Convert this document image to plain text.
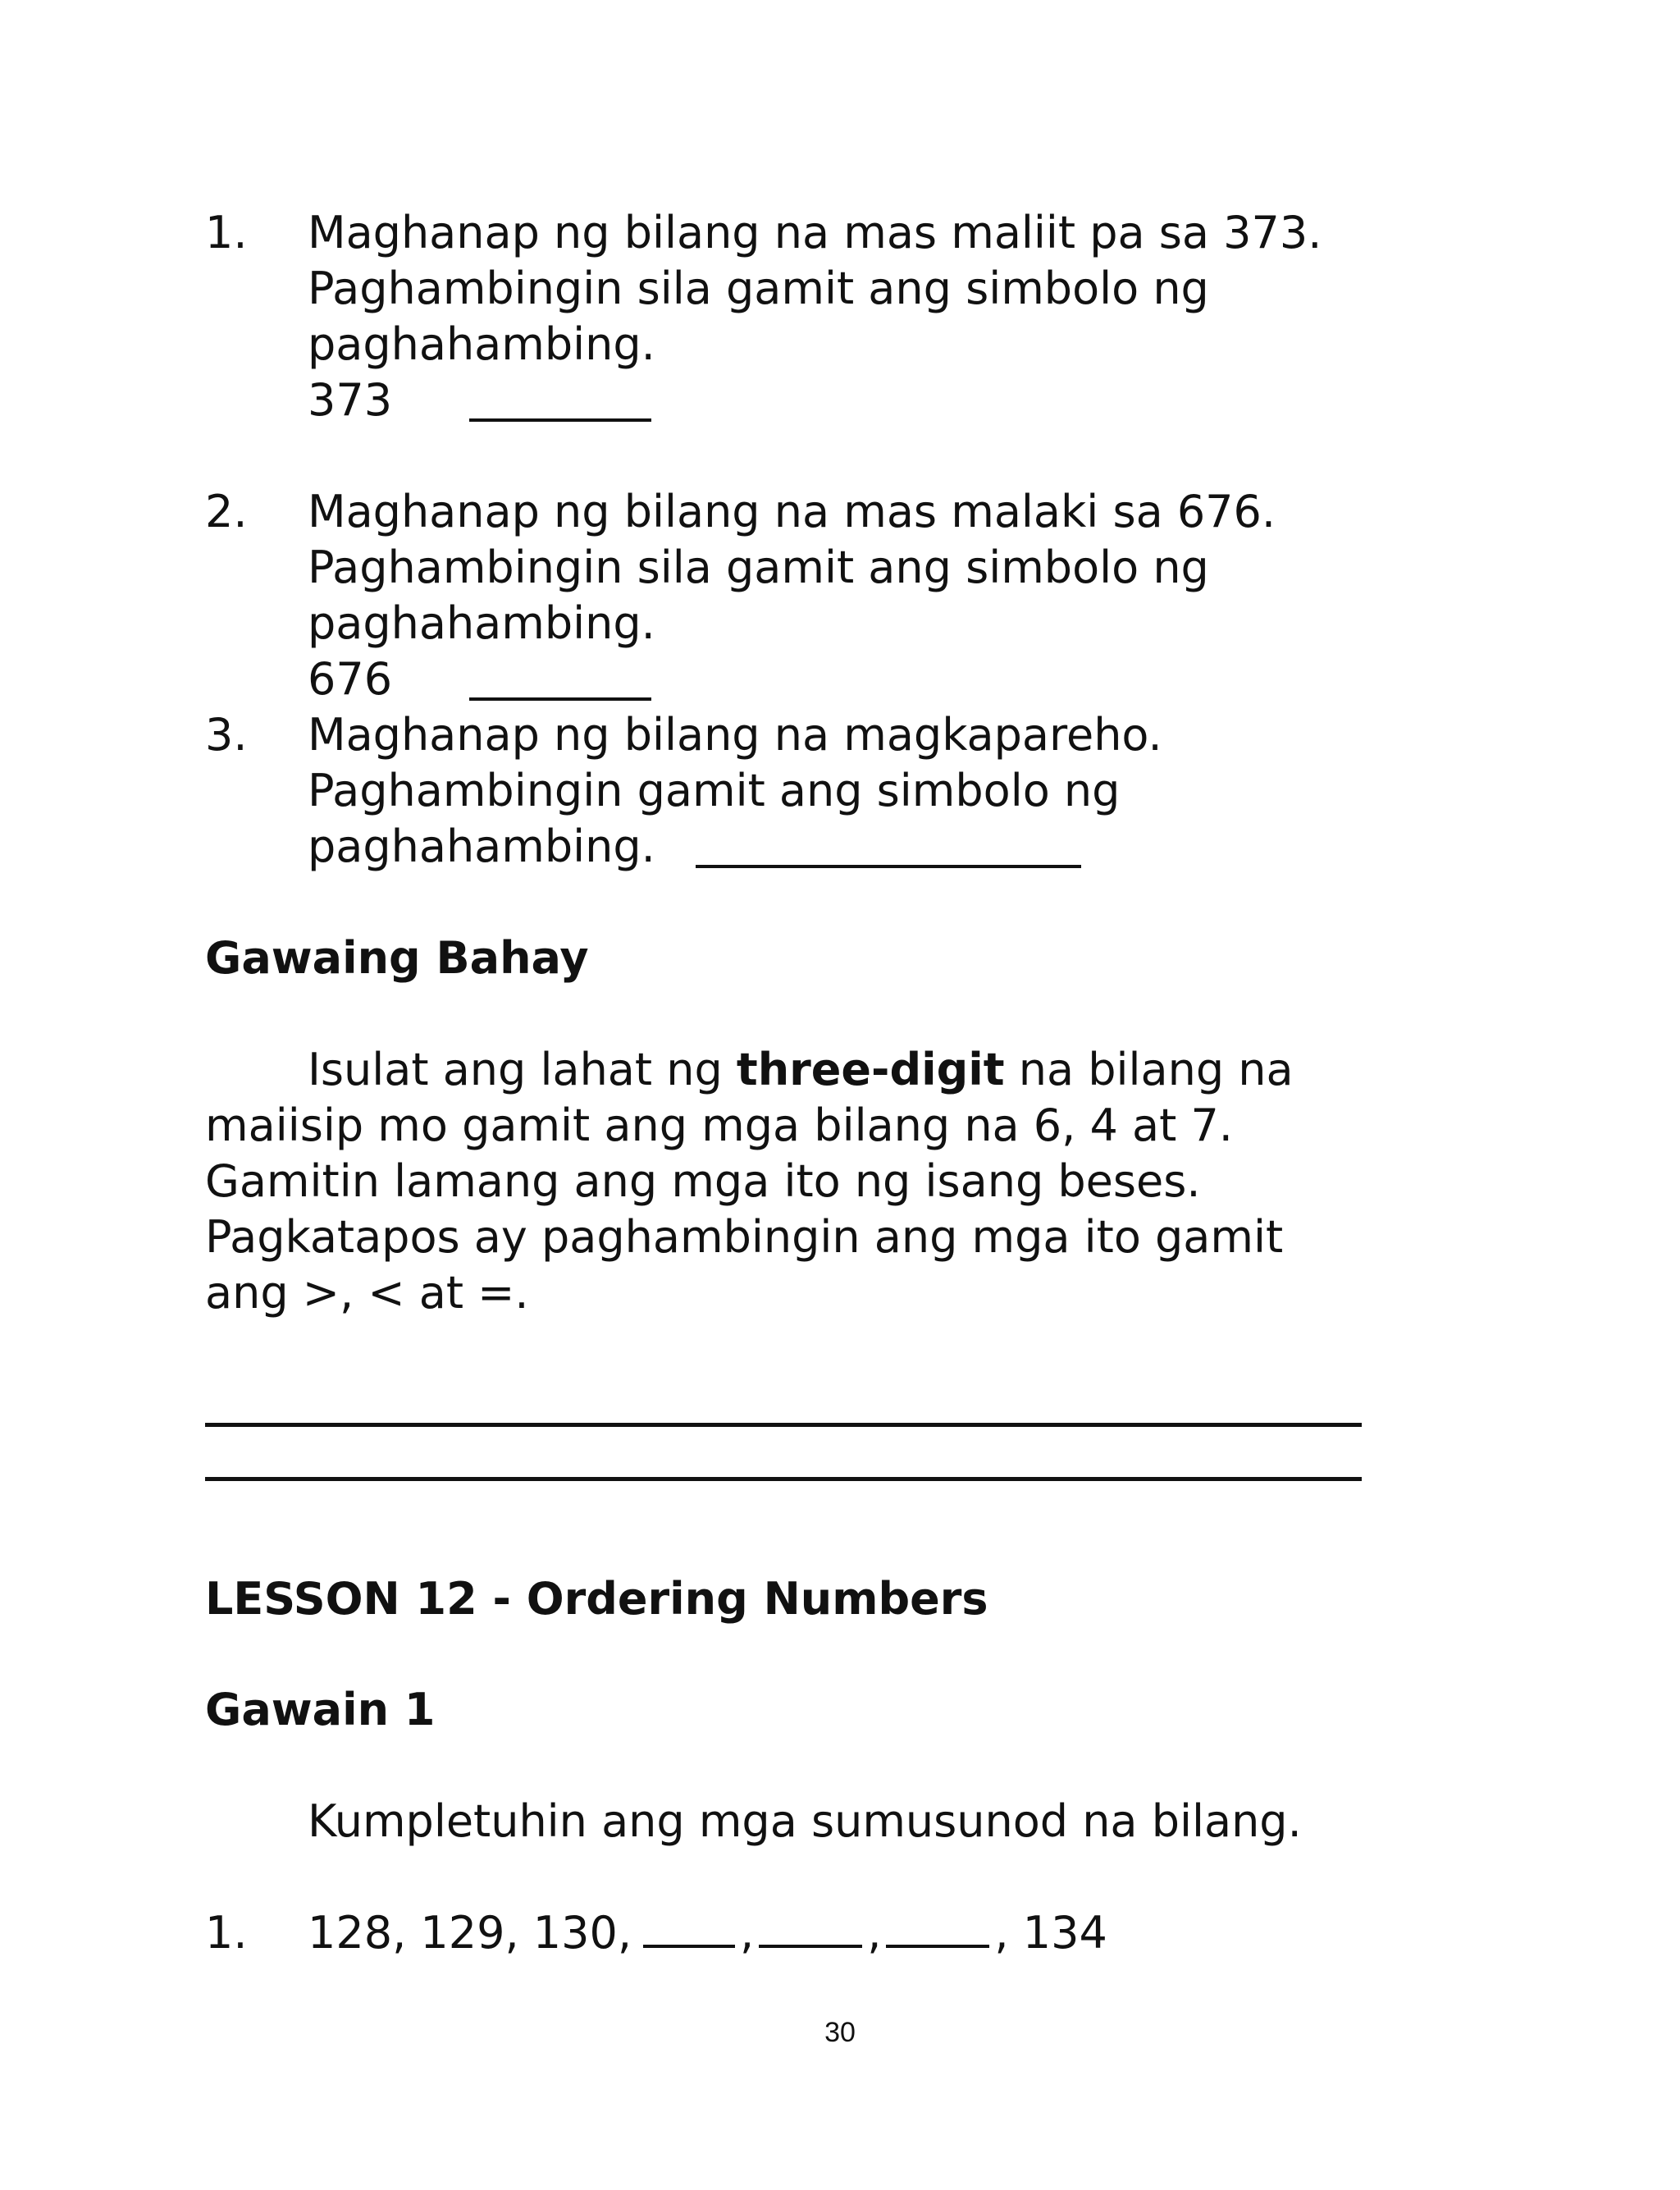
1. Maghanap ng bilang na mas maliit pa sa 373.
Paghambingin sila gamit ang simbolo ng
paghahambing.
373
2. Maghanap ng bilang na mas malaki sa 676.
Paghambingin sila gamit ang simbolo ng
paghahambing.
676
3. Maghanap ng bilang na magkapareho.
Paghambingin gamit ang simbolo ng
paghahambing.
Gawaing Bahay
Isulat ang lahat ng three-digit na bilang na
maiisip mo gamit ang mga bilang na 6, 4 at 7.
Gamitin lamang ang mga ito ng isang beses.
Pagkatapos ay paghambingin ang mga ito gamit
ang >, < at =.
LESSON 12 - Ordering Numbers
Gawain 1
Kumpletuhin ang mga sumusunod na bilang.
1. 128, 129, 130, ,	,	, 134
30
